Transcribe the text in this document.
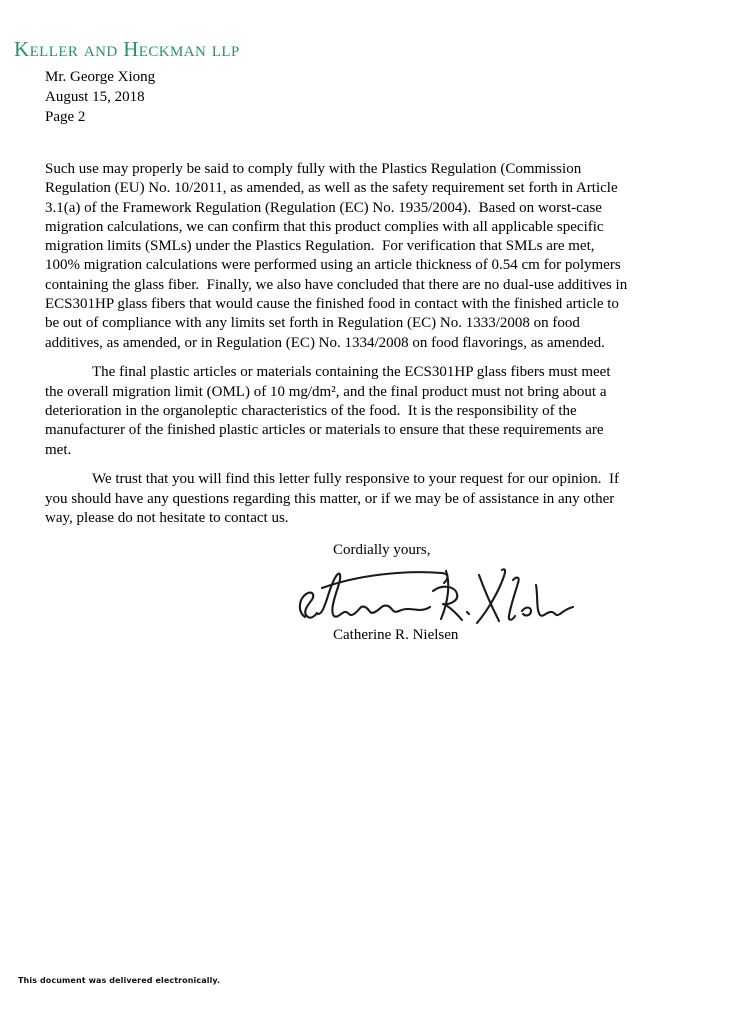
Keller and Heckman llp
Mr. George Xiong
August 15, 2018
Page 2
Such use may properly be said to comply fully with the Plastics Regulation (Commission
Regulation (EU) No. 10/2011, as amended, as well as the safety requirement set forth in Article
3.1(a) of the Framework Regulation (Regulation (EC) No. 1935/2004).  Based on worst-case
migration calculations, we can confirm that this product complies with all applicable specific
migration limits (SMLs) under the Plastics Regulation.  For verification that SMLs are met,
100% migration calculations were performed using an article thickness of 0.54 cm for polymers
containing the glass fiber.  Finally, we also have concluded that there are no dual-use additives in
ECS301HP glass fibers that would cause the finished food in contact with the finished article to
be out of compliance with any limits set forth in Regulation (EC) No. 1333/2008 on food
additives, as amended, or in Regulation (EC) No. 1334/2008 on food flavorings, as amended.
The final plastic articles or materials containing the ECS301HP glass fibers must meet
the overall migration limit (OML) of 10 mg/dm², and the final product must not bring about a
deterioration in the organoleptic characteristics of the food.  It is the responsibility of the
manufacturer of the finished plastic articles or materials to ensure that these requirements are
met.
We trust that you will find this letter fully responsive to your request for our opinion.  If
you should have any questions regarding this matter, or if we may be of assistance in any other
way, please do not hesitate to contact us.
Cordially yours,
Catherine R. Nielsen
This document was delivered electronically.
